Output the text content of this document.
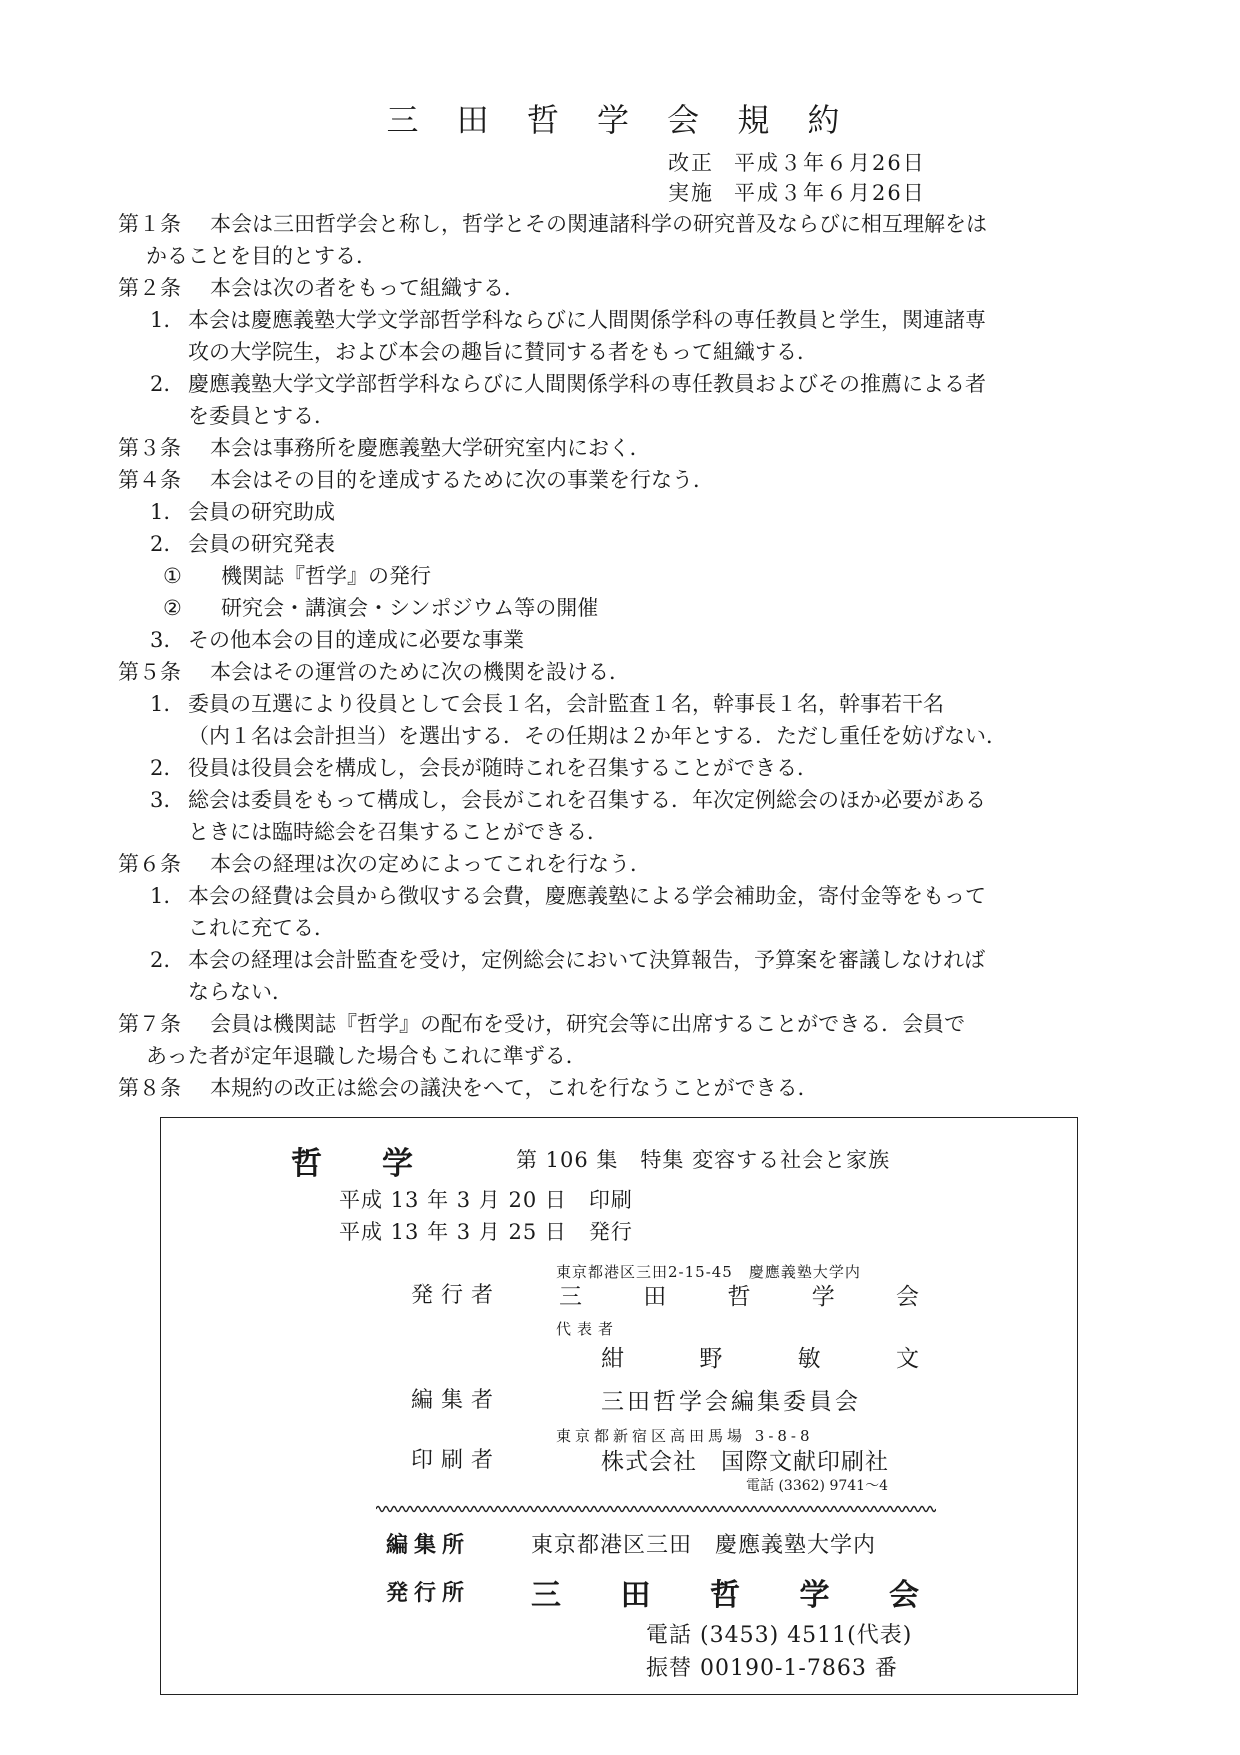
三 田 哲 学 会 規 約
改正 平成３年６月26日
実施 平成３年６月26日
第１条	本会は三田哲学会と称し，哲学とその関連諸科学の研究普及ならびに相互理解をは
かることを目的とする．
第２条	本会は次の者をもって組織する．
1. 本会は慶應義塾大学文学部哲学科ならびに人間関係学科の専任教員と学生，関連諸専
攻の大学院生，および本会の趣旨に賛同する者をもって組織する．
2. 慶應義塾大学文学部哲学科ならびに人間関係学科の専任教員およびその推薦による者
を委員とする．
第３条	本会は事務所を慶應義塾大学研究室内におく．
第４条	本会はその目的を達成するために次の事業を行なう．
1. 会員の研究助成
2. 会員の研究発表
①	機関誌『哲学』の発行
②	研究会・講演会・シンポジウム等の開催
3. その他本会の目的達成に必要な事業
第５条	本会はその運営のために次の機関を設ける．
1. 委員の互選により役員として会長１名，会計監査１名，幹事長１名，幹事若干名
（内１名は会計担当）を選出する．その任期は２か年とする．ただし重任を妨げない．
2. 役員は役員会を構成し，会長が随時これを召集することができる．
3. 総会は委員をもって構成し，会長がこれを召集する．年次定例総会のほか必要がある
ときには臨時総会を召集することができる．
第６条	本会の経理は次の定めによってこれを行なう．
1. 本会の経費は会員から徴収する会費，慶應義塾による学会補助金，寄付金等をもって
これに充てる．
2. 本会の経理は会計監査を受け，定例総会において決算報告，予算案を審議しなければ
ならない．
第７条	会員は機関誌『哲学』の配布を受け，研究会等に出席することができる．会員で
あった者が定年退職した場合もこれに準ずる．
第８条	本規約の改正は総会の議決をへて，これを行なうことができる．
哲学 第 106 集　特集 変容する社会と家族
平成 13 年 3 月 20 日　印刷
平成 13 年 3 月 25 日　発行
東京都港区三田2-15-45　慶應義塾大学内
発行者	三	田	哲	学	会
代表者
紺	野	敏	文
編集者	三田哲学会編集委員会
東京都新宿区高田馬場 3-8-8
印刷者	株式会社　国際文献印刷社
電話 (3362) 9741〜4
編集所	東京都港区三田　慶應義塾大学内
発行所 三 田 哲 学 会
電話 (3453) 4511(代表)
振替 00190-1-7863 番
